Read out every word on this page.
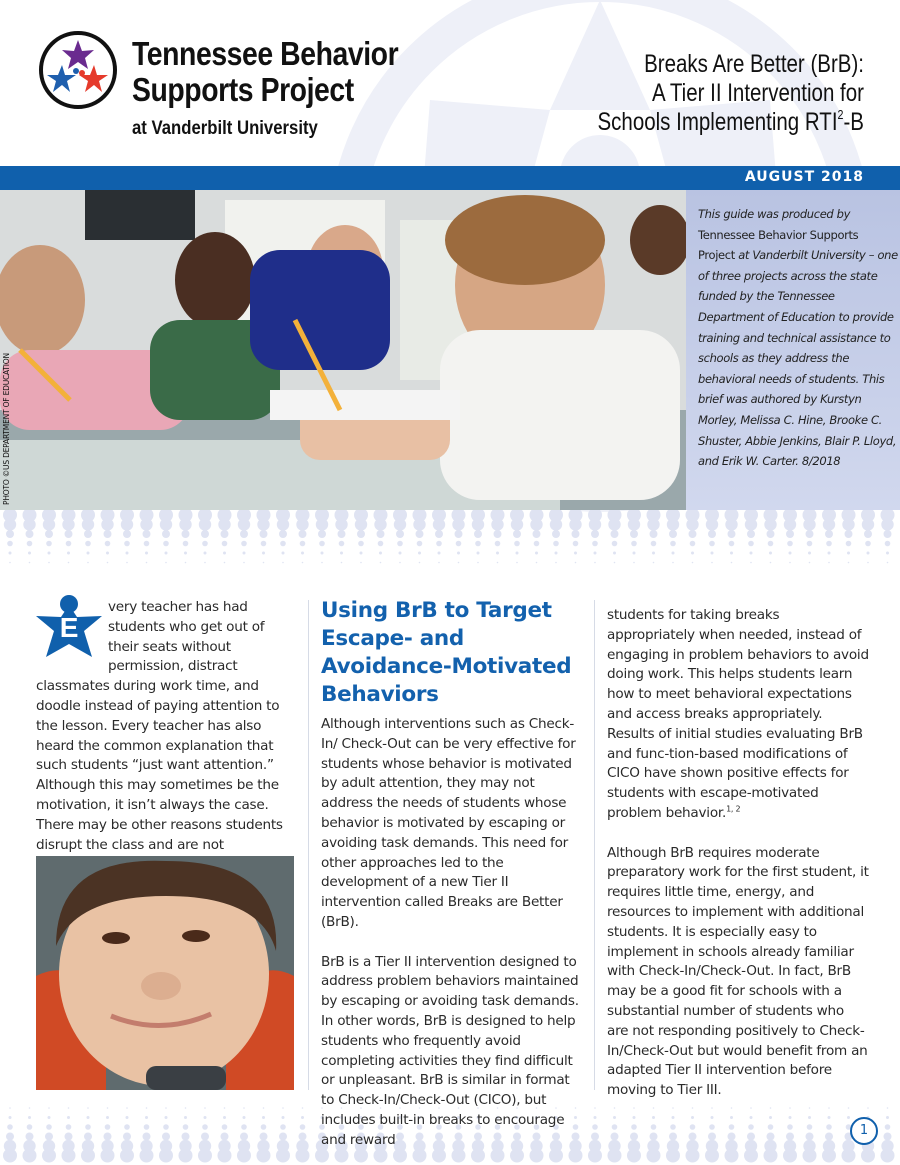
Tennessee Behavior
Supports Project
at Vanderbilt University
Breaks Are Better (BrB):
A Tier II Intervention for
Schools Implementing RTI$^2$-B
AUGUST 2018
PHOTO ©US DEPARTMENT OF EDUCATION
This guide was produced by
Tennessee Behavior Supports
Project at Vanderbilt University – one of three projects across the state funded by the Tennessee Department of Education to provide training and technical assistance to schools as they address the behavioral needs of students. This brief was authored by Kurstyn Morley, Melissa C. Hine, Brooke C. Shuster, Abbie Jenkins, Blair P. Lloyd, and Erik W. Carter. 8/2018
E

very teacher has had students who get out of their seats without permission, distract classmates during work time, and doodle instead of paying attention to the lesson. Every teacher has also heard the common explanation that such students “just want attention.” Although this may sometimes be the motivation, it isn’t always the case. There may be other reasons students disrupt the class and are not

Using BrB to Target Escape- and Avoidance-Motivated Behaviors

Although interventions such as Check-In/ Check-Out can be very effective for students whose behavior is motivated by adult attention, they may not address the needs of students whose behavior is motivated by escaping or avoiding task demands. This need for other approaches led to the development of a new Tier II intervention called Breaks are Better (BrB).

BrB is a Tier II intervention designed to address problem behaviors maintained by escaping or avoiding task demands. In other words, BrB is designed to help students who frequently avoid completing activities they find difficult or unpleasant. BrB is similar in format to Check-In/Check-Out (CICO), but includes built-in breaks to encourage and reward

students for taking breaks appropriately when needed, instead of engaging in problem behaviors to avoid doing work. This helps students learn how to meet behavioral expectations and access breaks appropriately. Results of initial studies evaluating BrB and func-tion-based modifications of CICO have shown positive effects for students with escape-motivated problem behavior.$^{1, 2}$

Although BrB requires moderate preparatory work for the first student, it requires little time, energy, and resources to implement with additional students. It is especially easy to implement in schools already familiar with Check-In/Check-Out. In fact, BrB may be a good fit for schools with a substantial number of students who are not responding positively to Check-In/Check-Out but would benefit from an adapted Tier II intervention before moving to Tier III.

1
